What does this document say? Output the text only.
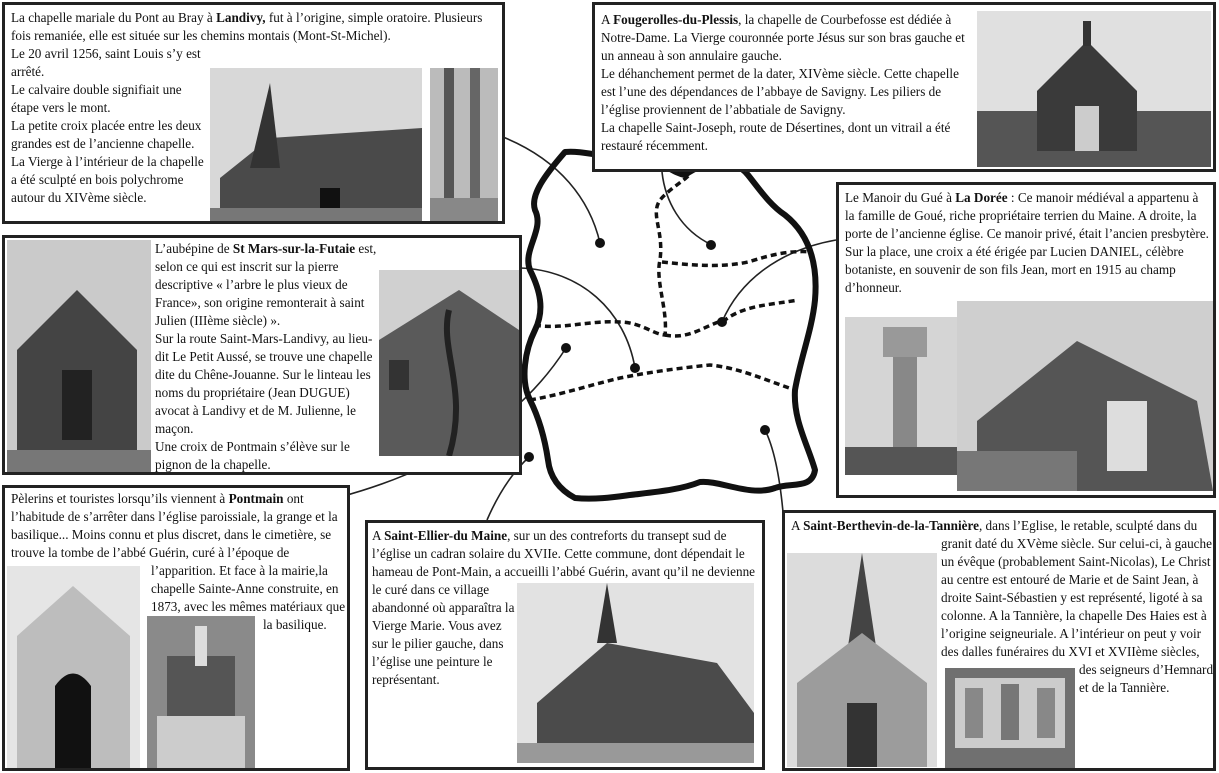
La chapelle mariale du Pont au Bray à Landivy, fut à l’origine, simple oratoire. Plusieurs fois remaniée, elle est située sur les chemins montais (Mont-St-Michel).
Le 20 avril 1256, saint Louis s’y est arrêté.
Le calvaire double signifiait une étape vers le mont.
La petite croix placée entre les deux grandes est de l’ancienne chapelle. La Vierge à l’intérieur de la chapelle a été sculpté en bois polychrome autour du XIVème siècle.
A Fougerolles-du-Plessis, la chapelle de Courbefosse est dédiée à Notre-Dame. La Vierge couronnée porte Jésus sur son bras gauche et un anneau à son annulaire gauche.
Le déhanchement permet de la dater, XIVème siècle. Cette chapelle est l’une des dépendances de l’abbaye de Savigny. Les piliers de l’église proviennent de l’abbatiale de Savigny.
La chapelle Saint-Joseph, route de Désertines, dont un vitrail a été restauré récemment.
Le Manoir du Gué à La Dorée : Ce manoir médiéval a appartenu à la famille de Goué, riche propriétaire terrien du Maine. A droite, la porte de l’ancienne église. Ce manoir privé, était l’ancien presbytère. Sur la place, une croix a été érigée par Lucien DANIEL, célèbre botaniste, en souvenir de son fils Jean, mort en 1915 au champ d’honneur.
L’aubépine de St Mars-sur-la-Futaie est, selon ce qui est inscrit sur la pierre descriptive « l’arbre le plus vieux de France», son origine remonterait à saint Julien (IIIème siècle) ».
Sur la route Saint-Mars-Landivy, au lieu-dit Le Petit Aussé, se trouve une chapelle dite du Chêne-Jouanne. Sur le linteau les noms du propriétaire (Jean DUGUE) avocat à Landivy et de M. Julienne, le maçon.
Une croix de Pontmain s’élève sur le pignon de la chapelle.
Pèlerins et touristes lorsqu’ils viennent à Pontmain ont l’habitude de s’arrêter dans l’église paroissiale, la grange et la basilique... Moins connu et plus discret, dans le cimetière, se trouve la tombe de l’abbé Guérin, curé à l’époque de l’apparition. Et face à la mairie,la chapelle Sainte-Anne construite, en 1873, avec les mêmes matériaux que la basilique.
A Saint-Ellier-du Maine, sur un des contreforts du transept sud de l’église un cadran solaire du XVIIe. Cette commune, dont dépendait le hameau de Pont-Main, a accueilli l’abbé Guérin, avant qu’il ne devienne le curé dans ce village abandonné où apparaîtra la Vierge Marie. Vous avez sur le pilier gauche, dans l’église une peinture le représentant.
A Saint-Berthevin-de-la-Tannière, dans l’Eglise, le retable, sculpté dans du granit daté du XVème siècle. Sur celui-ci, à gauche un évêque (probablement Saint-Nicolas), Le Christ au centre est entouré de Marie et de Saint Jean, à droite Saint-Sébastien y est représenté, ligoté à sa colonne. A la Tannière, la chapelle Des Haies est à l’origine seigneuriale. A l’intérieur on peut y voir des dalles funéraires du XVI et XVIIème siècles, des seigneurs d’Hemnard et de la Tannière.
